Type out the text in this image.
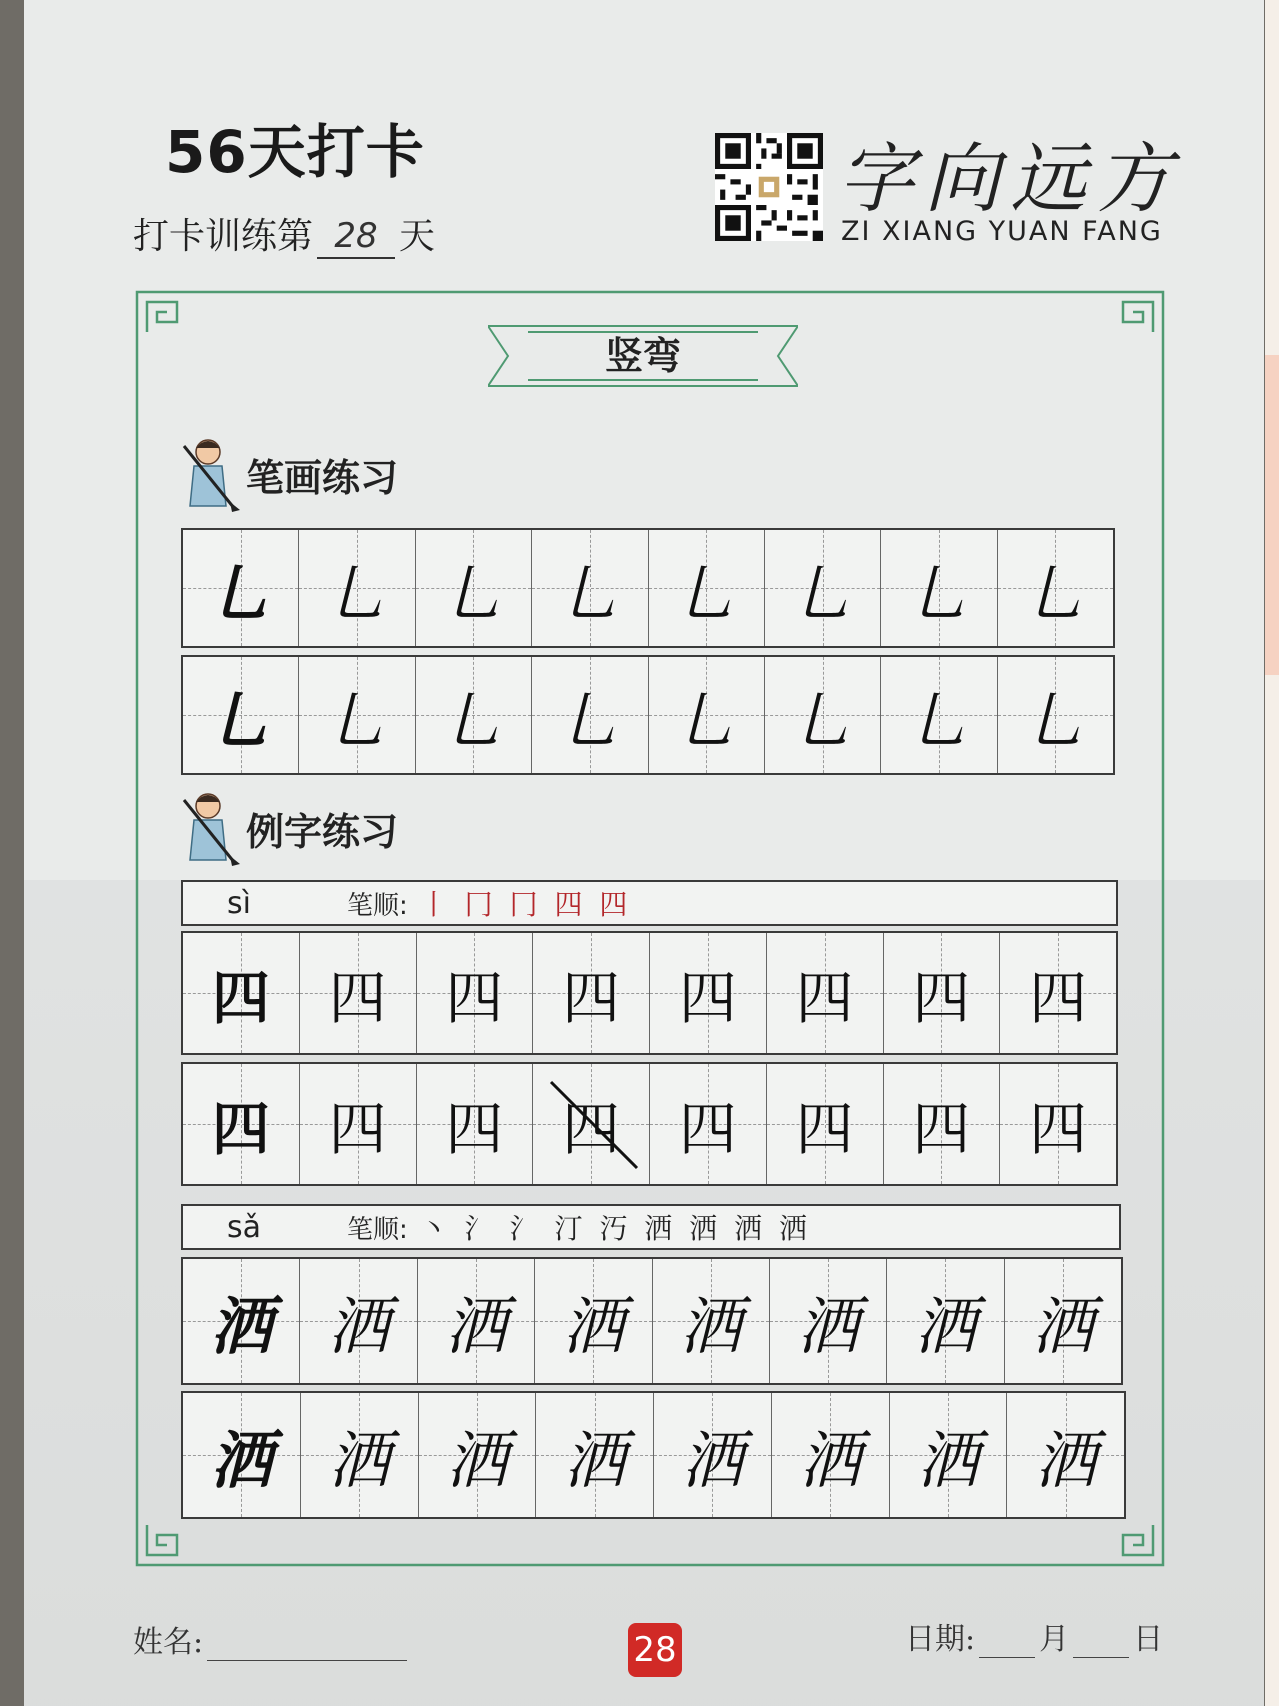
56天打卡
打卡训练第 28 天
字向远方
ZI XIANG YUAN FANG
竖弯
笔画练习
乚 乚 乚 乚 乚 乚 乚 乚
乚 乚 乚 乚 乚 乚 乚 乚
例字练习
sì	笔顺: 丨 冂 冂 四 四
四 四 四 四 四 四 四 四
四 四 四 四 四 四 四 四
sǎ	笔顺: 丶 氵 氵 汀 汅 洒 洒 洒 洒
洒 洒 洒 洒 洒 洒 洒 洒
洒 洒 洒 洒 洒 洒 洒 洒
姓名:	28	日期: 月 日
